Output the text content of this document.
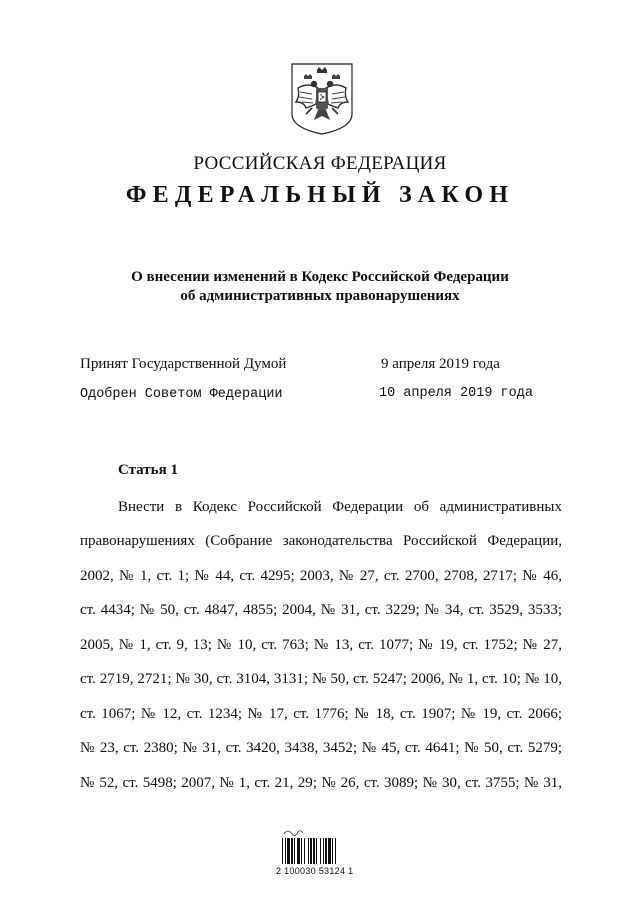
РОССИЙСКАЯ ФЕДЕРАЦИЯ
ФЕДЕРАЛЬНЫЙ ЗАКОН
О внесении изменений в Кодекс Российской Федерации
об административных правонарушениях
Принят Государственной Думой	9 апреля 2019 года
Одобрен Советом Федерации	10 апреля 2019 года
Статья 1
Внести в Кодекс Российской Федерации об административных
правонарушениях (Собрание законодательства Российской Федерации,
2002, № 1, ст. 1; № 44, ст. 4295; 2003, № 27, ст. 2700, 2708, 2717; № 46,
ст. 4434; № 50, ст. 4847, 4855; 2004, № 31, ст. 3229; № 34, ст. 3529, 3533;
2005, № 1, ст. 9, 13; № 10, ст. 763; № 13, ст. 1077; № 19, ст. 1752; № 27,
ст. 2719, 2721; № 30, ст. 3104, 3131; № 50, ст. 5247; 2006, № 1, ст. 10; № 10,
ст. 1067; № 12, ст. 1234; № 17, ст. 1776; № 18, ст. 1907; № 19, ст. 2066;
№ 23, ст. 2380; № 31, ст. 3420, 3438, 3452; № 45, ст. 4641; № 50, ст. 5279;
№ 52, ст. 5498; 2007, № 1, ст. 21, 29; № 26, ст. 3089; № 30, ст. 3755; № 31,
2 100030 53124 1
